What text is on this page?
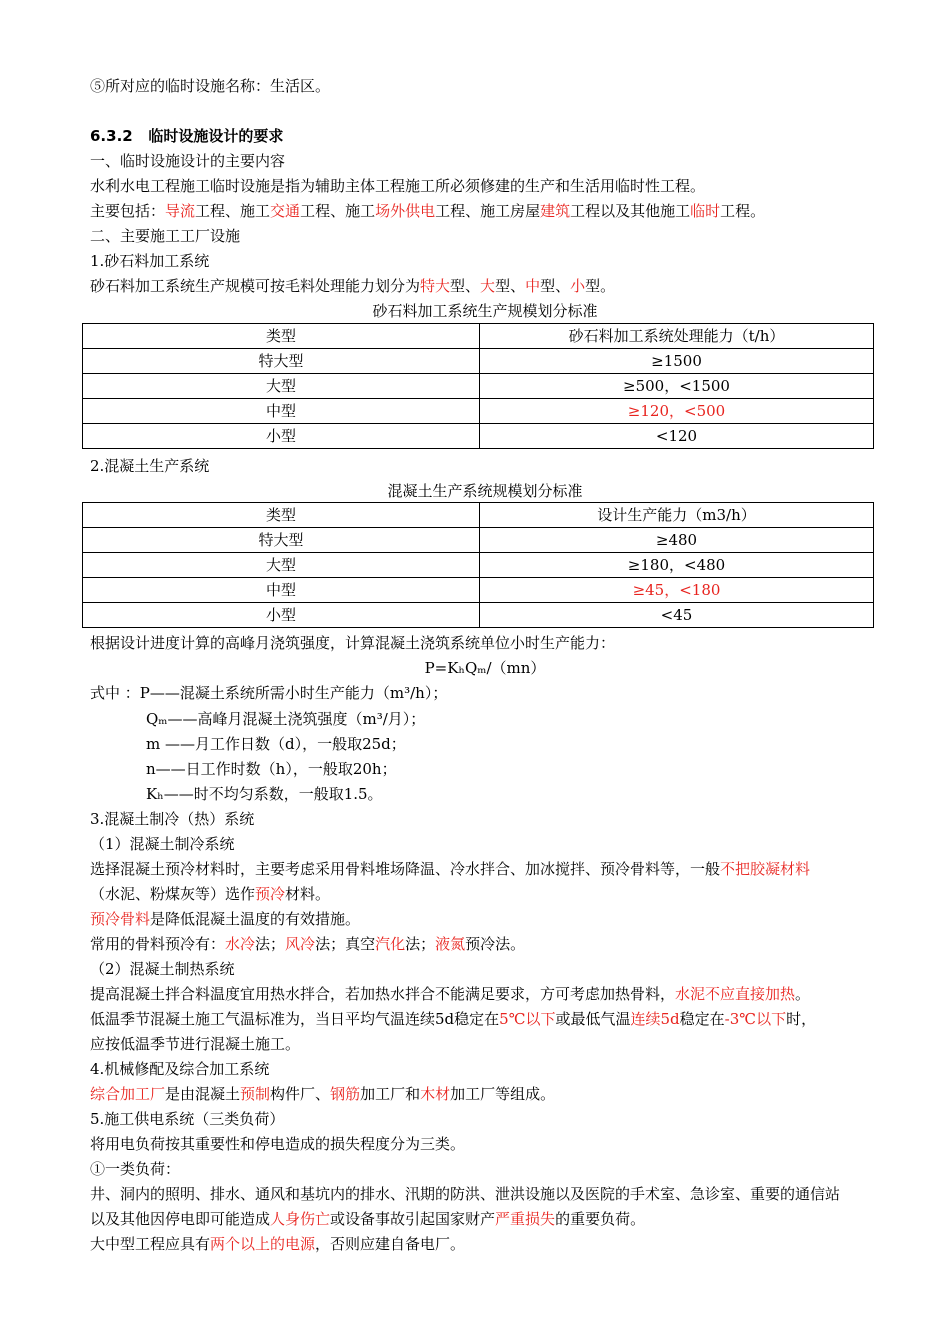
⑤所对应的临时设施名称：生活区。
6.3.2 临时设施设计的要求
一、临时设施设计的主要内容
水利水电工程施工临时设施是指为辅助主体工程施工所必须修建的生产和生活用临时性工程。
主要包括：导流工程、施工交通工程、施工场外供电工程、施工房屋建筑工程以及其他施工临时工程。
二、主要施工工厂设施
1.砂石料加工系统
砂石料加工系统生产规模可按毛料处理能力划分为特大型、大型、中型、小型。
砂石料加工系统生产规模划分标准
类型	砂石料加工系统处理能力（t/h）
特大型	≥1500
大型	≥500，<1500
中型	≥120，<500
小型	<120
2.混凝土生产系统
混凝土生产系统规模划分标准
类型	设计生产能力（m3/h）
特大型	≥480
大型	≥180，<480
中型	≥45，<180
小型	<45
根据设计进度计算的高峰月浇筑强度，计算混凝土浇筑系统单位小时生产能力：
P=KₕQₘ/（mn）
式中 ：P——混凝土系统所需小时生产能力（m³/h）；
Qₘ——高峰月混凝土浇筑强度（m³/月）；
m ——月工作日数（d），一般取25d；
n——日工作时数（h），一般取20h；
Kₕ——时不均匀系数，一般取1.5。
3.混凝土制冷（热）系统
（1）混凝土制冷系统
选择混凝土预冷材料时，主要考虑采用骨料堆场降温、冷水拌合、加冰搅拌、预冷骨料等，一般不把胶凝材料
（水泥、粉煤灰等）选作预冷材料。
预冷骨料是降低混凝土温度的有效措施。
常用的骨料预冷有：水冷法；风冷法；真空汽化法；液氮预冷法。
（2）混凝土制热系统
提高混凝土拌合料温度宜用热水拌合，若加热水拌合不能满足要求，方可考虑加热骨料，水泥不应直接加热。
低温季节混凝土施工气温标准为，当日平均气温连续5d稳定在5℃以下或最低气温连续5d稳定在-3℃以下时，
应按低温季节进行混凝土施工。
4.机械修配及综合加工系统
综合加工厂是由混凝土预制构件厂、钢筋加工厂和木材加工厂等组成。
5.施工供电系统（三类负荷）
将用电负荷按其重要性和停电造成的损失程度分为三类。
①一类负荷：
井、洞内的照明、排水、通风和基坑内的排水、汛期的防洪、泄洪设施以及医院的手术室、急诊室、重要的通信站
以及其他因停电即可能造成人身伤亡或设备事故引起国家财产严重损失的重要负荷。
大中型工程应具有两个以上的电源，否则应建自备电厂。
